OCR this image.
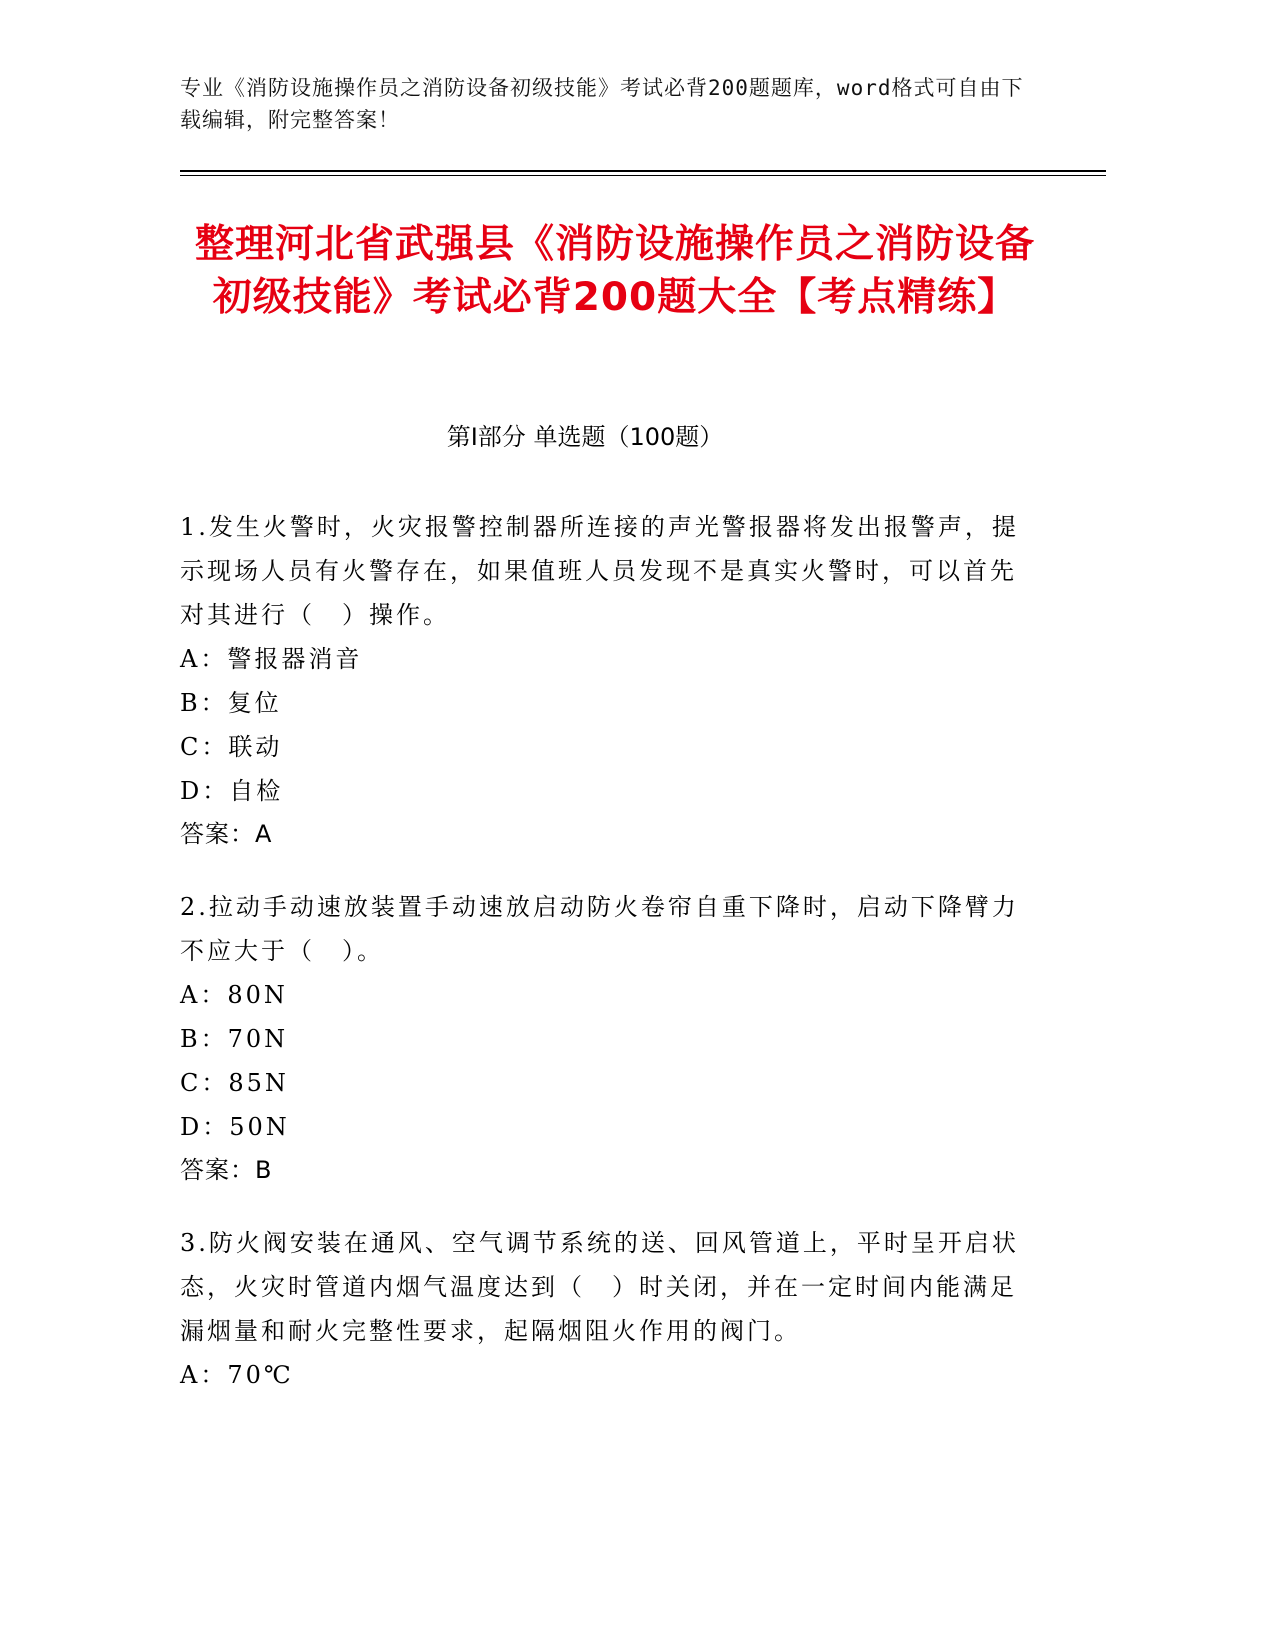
专业《消防设施操作员之消防设备初级技能》考试必背200题题库，word格式可自由下载编辑，附完整答案！
整理河北省武强县《消防设施操作员之消防设备初级技能》考试必背200题大全【考点精练】
第Ⅰ部分 单选题（100题）

1.发生火警时，火灾报警控制器所连接的声光警报器将发出报警声，提示现场人员有火警存在，如果值班人员发现不是真实火警时，可以首先对其进行（　）操作。

A：警报器消音

B：复位

C：联动

D：自检

答案：A

2.拉动手动速放装置手动速放启动防火卷帘自重下降时，启动下降臂力不应大于（　）。

A：80N

B：70N

C：85N

D：50N

答案：B

3.防火阀安装在通风、空气调节系统的送、回风管道上，平时呈开启状态，火灾时管道内烟气温度达到（　）时关闭，并在一定时间内能满足漏烟量和耐火完整性要求，起隔烟阻火作用的阀门。

A：70℃
